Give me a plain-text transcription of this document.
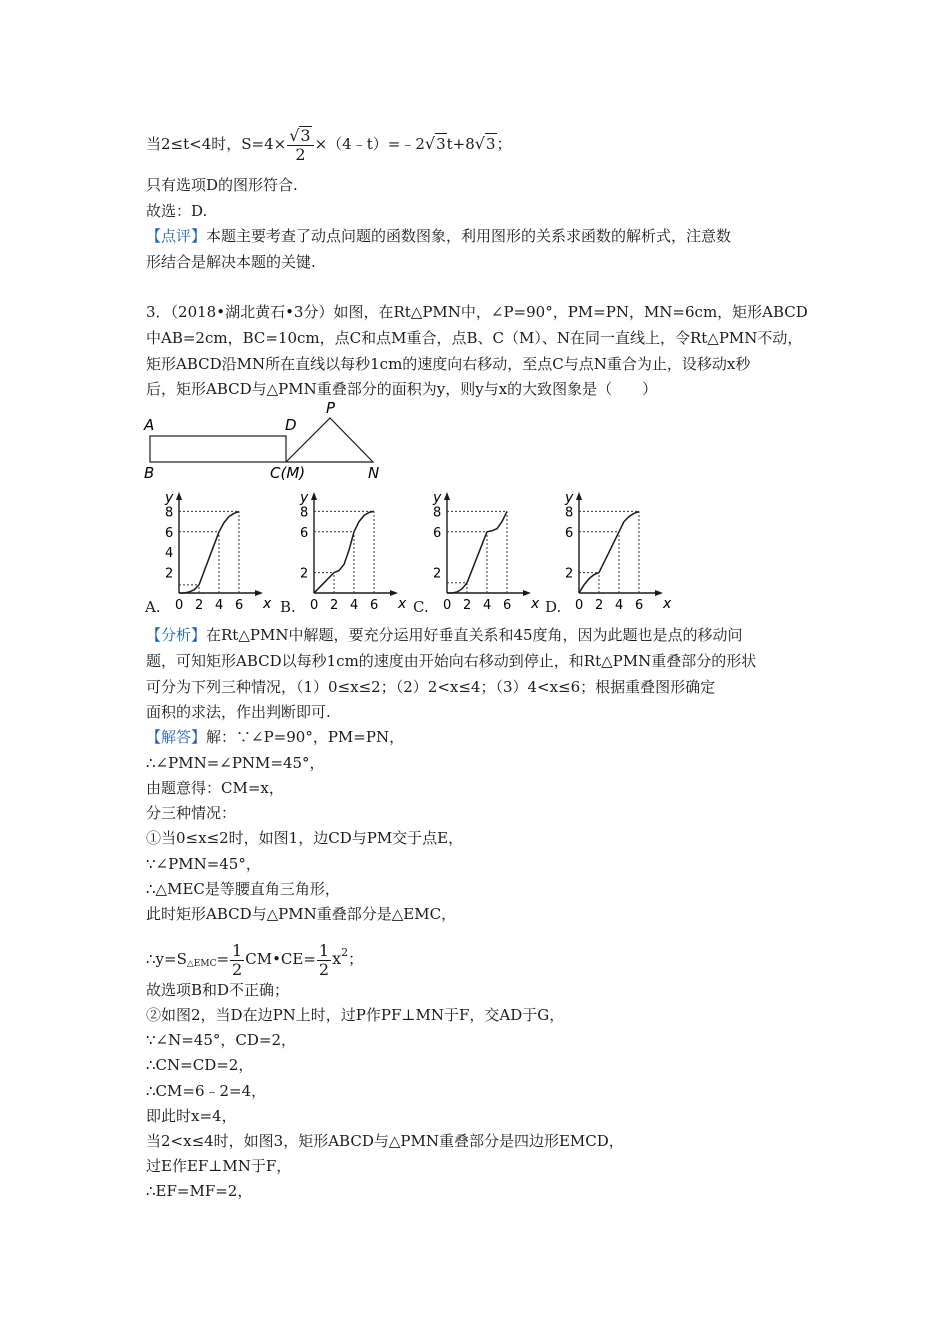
当2≤t<4时，$S=4\times \frac{√3}{2}$ ×（4﹣t）=﹣2√3t+8√3；
只有选项D的图形符合.
故选：D.
【点评】本题主要考查了动点问题的函数图象，利用图形的关系求函数的解析式，注意数
形结合是解决本题的关键.
3．（2018•湖北黄石•3分）如图，在Rt△PMN中，∠P=90°，PM=PN，MN=6cm，矩形ABCD
中AB=2cm，BC=10cm，点C和点M重合，点B、C（M）、N在同一直线上，令Rt△PMN不动，
矩形ABCD沿MN所在直线以每秒1cm的速度向右移动，至点C与点N重合为止，设移动x秒
后，矩形ABCD与△PMN重叠部分的面积为y，则y与x的大致图象是（　　）
A
B
D
P
C(M)	N
y
x
0 2 4 6
2
4
6
8
A.
y
x
0 2 4 6
2
6
8
B.
y
x
0 2 4 6
2
6
8
C.
y
x
0 2 4 6
2
6
8
D.
【分析】在Rt△PMN中解题，要充分运用好垂直关系和45度角，因为此题也是点的移动问
题，可知矩形ABCD以每秒1cm的速度由开始向右移动到停止，和Rt△PMN重叠部分的形状
可分为下列三种情况，（1）0≤x≤2；（2）2<x≤4；（3）4<x≤6；根据重叠图形确定
面积的求法，作出判断即可.
【解答】解：∵∠P=90°，PM=PN，
∴∠PMN=∠PNM=45°，
由题意得：CM=x，
分三种情况：
①当0≤x≤2时，如图1，边CD与PM交于点E，
∵∠PMN=45°，
∴△MEC是等腰直角三角形，
此时矩形ABCD与△PMN重叠部分是△EMC，
$\therefore y=S_{\triangle EMC}= \frac{1}{2}$ CM•CE= $\frac{1}{2} x^2$；
故选项B和D不正确；
②如图2，当D在边PN上时，过P作PF⊥MN于F，交AD于G，
∵∠N=45°，CD=2，
∴CN=CD=2，
∴CM=6﹣2=4，
即此时x=4，
当2<x≤4时，如图3，矩形ABCD与△PMN重叠部分是四边形EMCD，
过E作EF⊥MN于F，
∴EF=MF=2，
